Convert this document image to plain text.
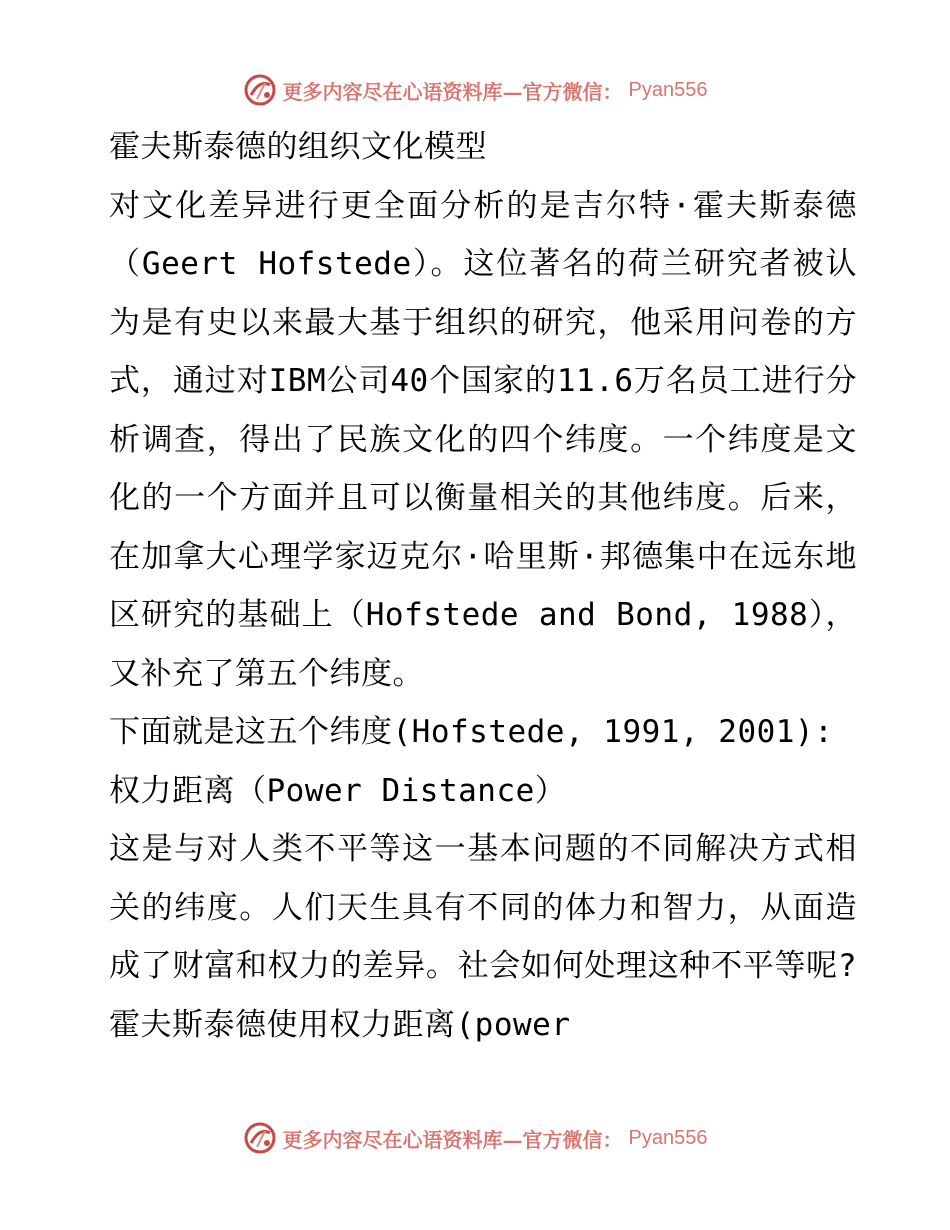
更多内容尽在心语资料库—官方微信： Pyan556

霍夫斯泰德的组织文化模型

对文化差异进行更全面分析的是吉尔特·霍夫斯泰德（Geert Hofstede）。这位著名的荷兰研究者被认为是有史以来最大基于组织的研究，他采用问卷的方式，通过对IBM公司40个国家的11.6万名员工进行分析调查，得出了民族文化的四个纬度。一个纬度是文化的一个方面并且可以衡量相关的其他纬度。后来，在加拿大心理学家迈克尔·哈里斯·邦德集中在远东地区研究的基础上（Hofstede and Bond, 1988），又补充了第五个纬度。

下面就是这五个纬度(Hofstede, 1991, 2001):

权力距离（Power Distance）

这是与对人类不平等这一基本问题的不同解决方式相关的纬度。人们天生具有不同的体力和智力，从面造成了财富和权力的差异。社会如何处理这种不平等呢?霍夫斯泰德使用权力距离(power

更多内容尽在心语资料库—官方微信： Pyan556
